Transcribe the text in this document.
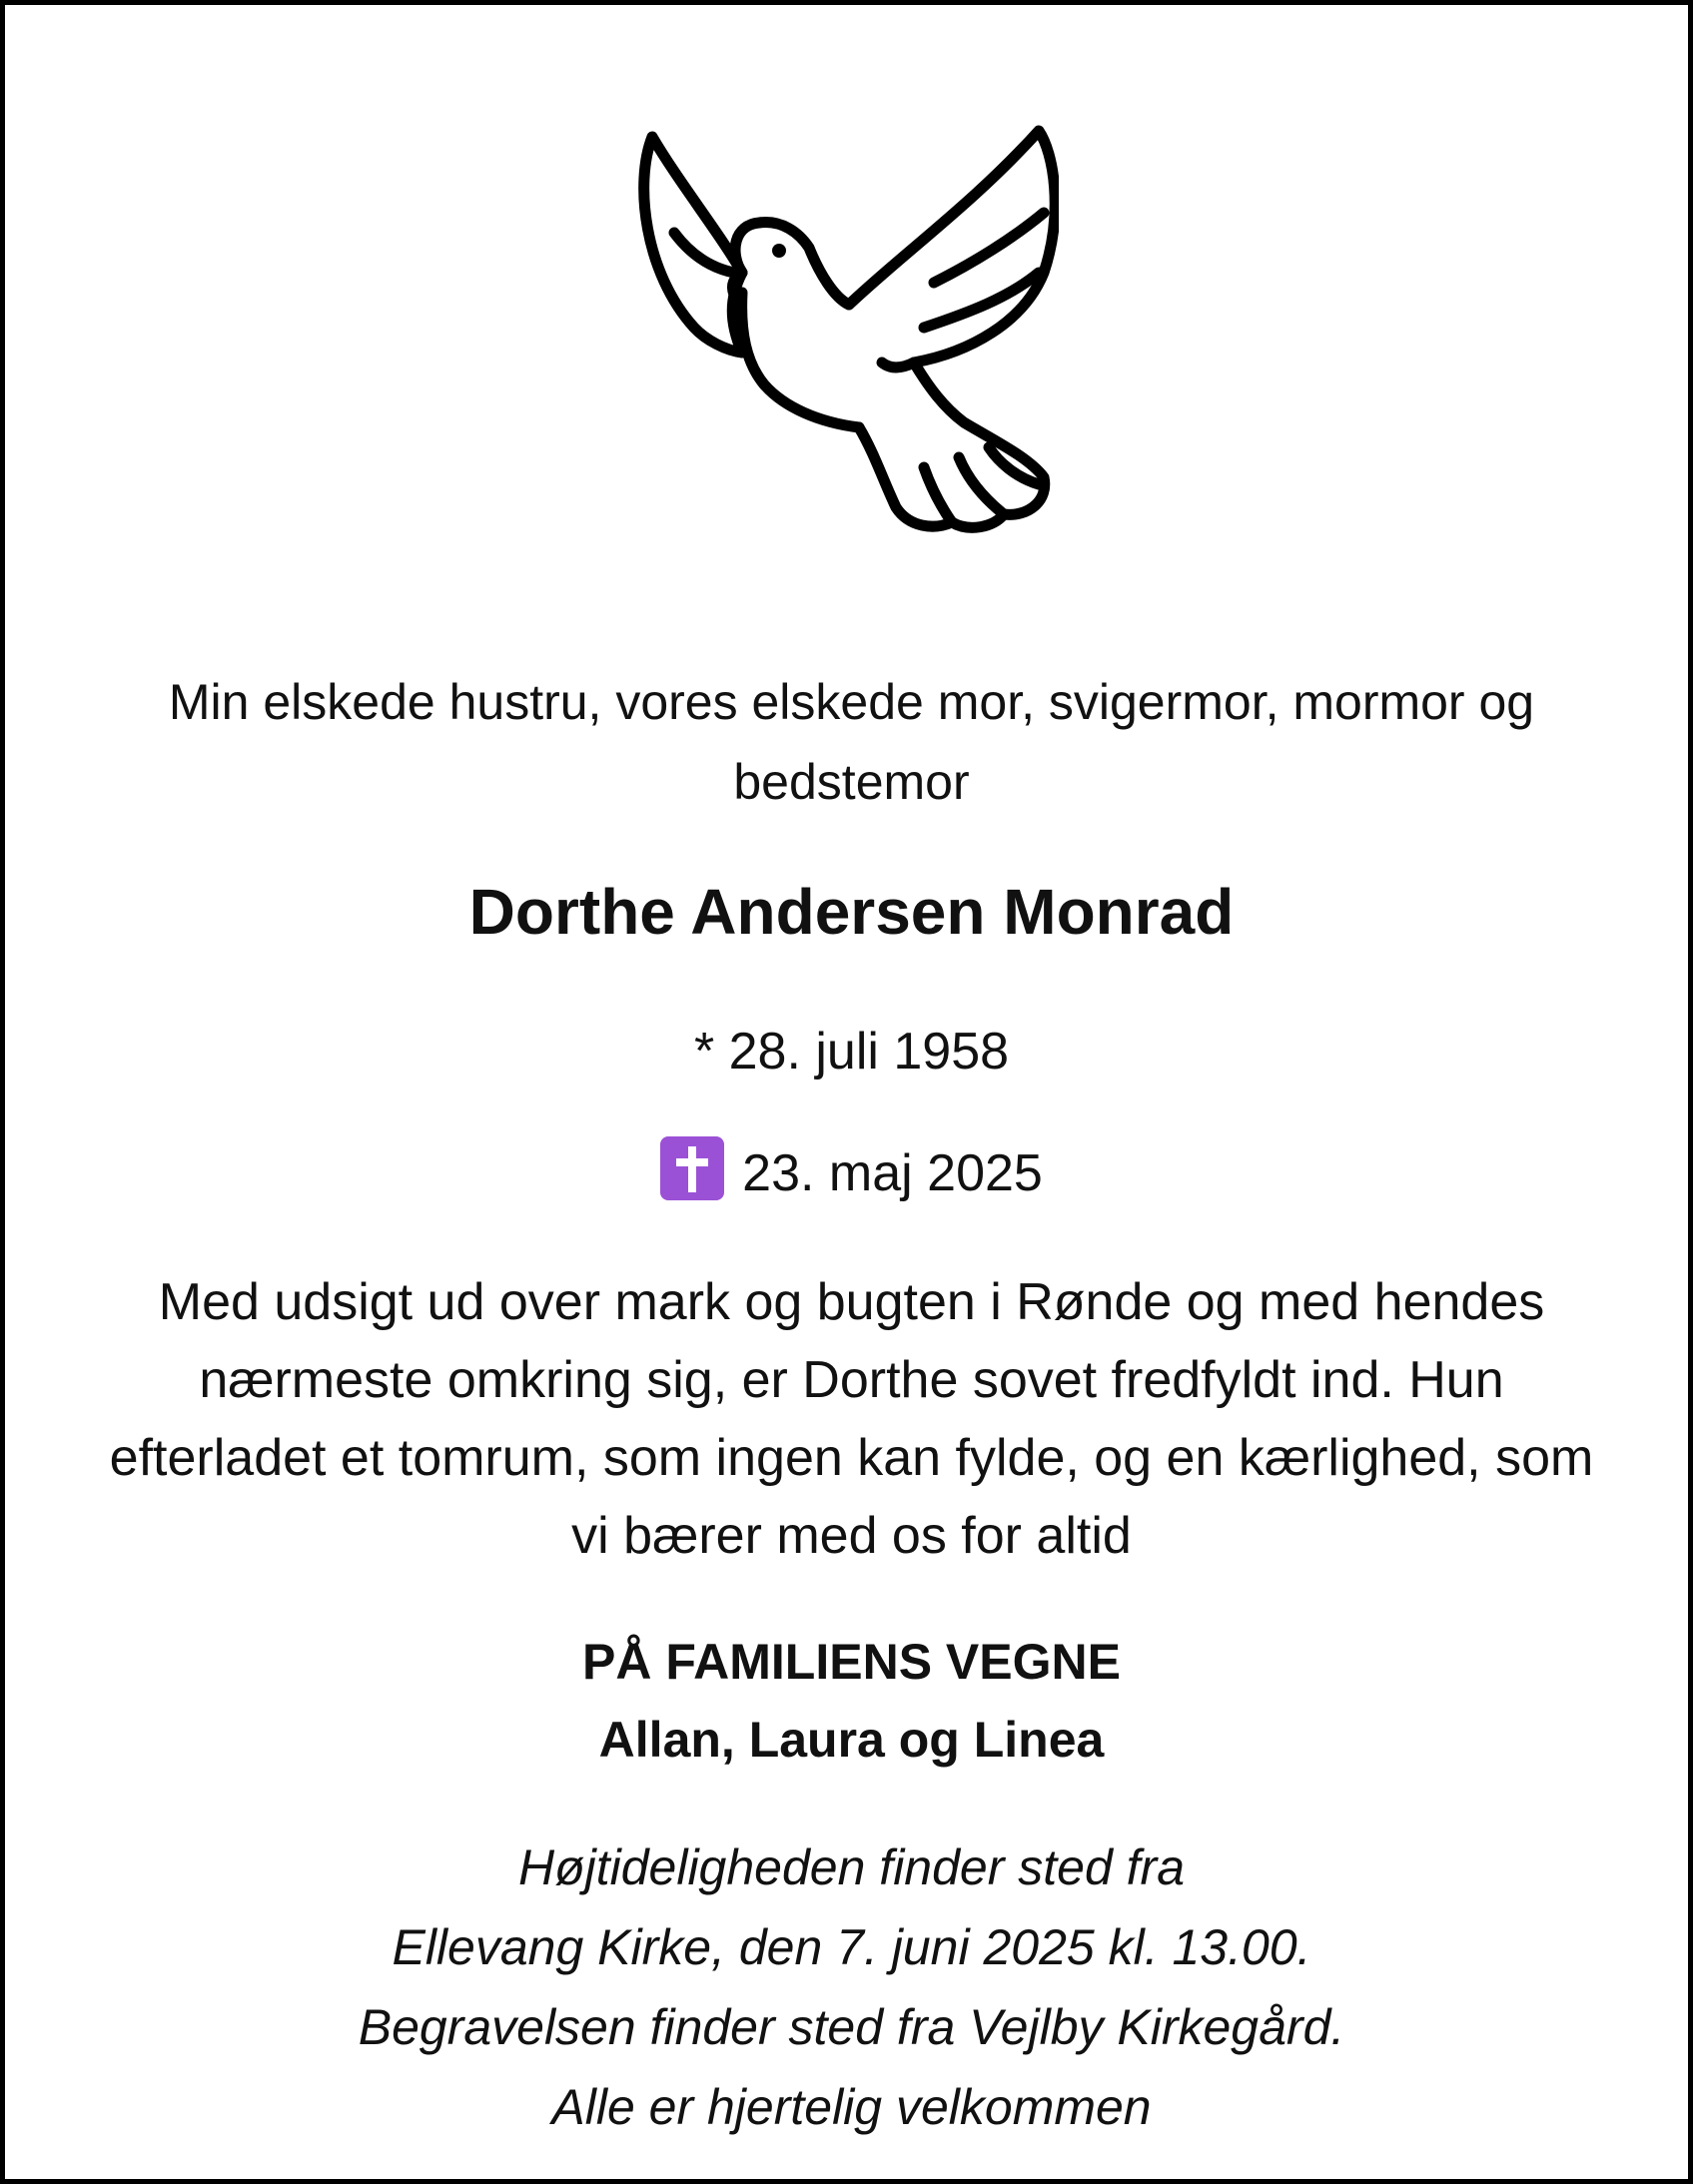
Min elskede hustru, vores elskede mor, svigermor, mormor og
bedstemor
Dorthe Andersen Monrad
* 28. juli 1958
23. maj 2025
Med udsigt ud over mark og bugten i Rønde og med hendes
nærmeste omkring sig, er Dorthe sovet fredfyldt ind. Hun
efterladet et tomrum, som ingen kan fylde, og en kærlighed, som
vi bærer med os for altid
PÅ FAMILIENS VEGNE
Allan, Laura og Linea
Højtideligheden finder sted fra
Ellevang Kirke, den 7. juni 2025 kl. 13.00.
Begravelsen finder sted fra Vejlby Kirkegård.
Alle er hjertelig velkommen
